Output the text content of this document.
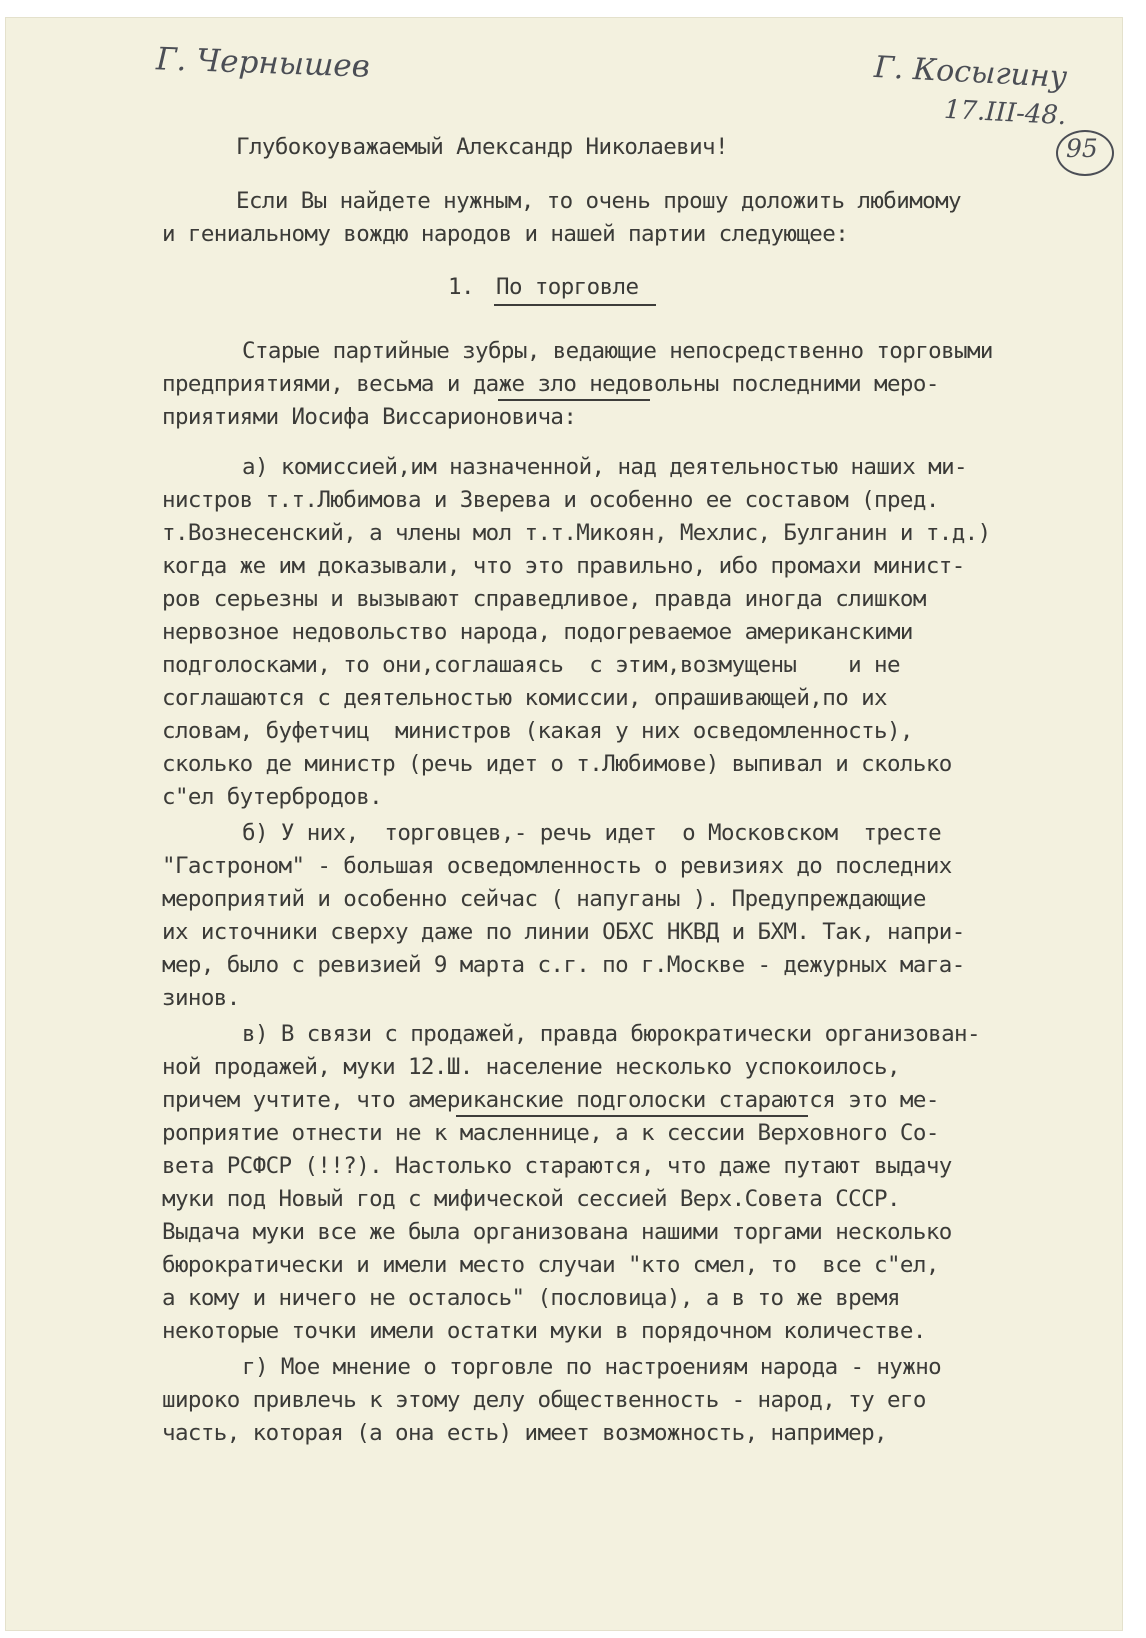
Г. Чернышев	Г. Косыгину
17.III-48.
95
Глубокоуважаемый Александр Николаевич!
Если Вы найдете нужным, то очень прошу доложить любимому
и гениальному вождю народов и нашей партии следующее:
1. По торговле
Старые партийные зубры, ведающие непосредственно торговыми
предприятиями, весьма и даже зло недовольны последними меро-
приятиями Иосифа Виссарионовича:
а) комиссией,им назначенной, над деятельностью наших ми-
нистров т.т.Любимова и Зверева и особенно ее составом (пред.
т.Вознесенский, а члены мол т.т.Микоян, Мехлис, Булганин и т.д.)
когда же им доказывали, что это правильно, ибо промахи минист-
ров серьезны и вызывают справедливое, правда иногда слишком
нервозное недовольство народа, подогреваемое американскими
подголосками, то они,соглашаясь  с этим,возмущены    и не
соглашаются с деятельностью комиссии, опрашивающей,по их
словам, буфетчиц  министров (какая у них осведомленность),
сколько де министр (речь идет о т.Любимове) выпивал и сколько
с"ел бутербродов.
б) У них,  торговцев,- речь идет  о Московском  тресте
"Гастроном" - большая осведомленность о ревизиях до последних
мероприятий и особенно сейчас ( напуганы ). Предупреждающие
их источники сверху даже по линии ОБХС НКВД и БХМ. Так, напри-
мер, было с ревизией 9 марта с.г. по г.Москве - дежурных мага-
зинов.
в) В связи с продажей, правда бюрократически организован-
ной продажей, муки 12.Ш. население несколько успокоилось,
причем учтите, что американские подголоски стараются это ме-
роприятие отнести не к масленнице, а к сессии Верховного Со-
вета РСФСР (!!?). Настолько стараются, что даже путают выдачу
муки под Новый год с мифической сессией Верх.Совета СССР.
Выдача муки все же была организована нашими торгами несколько
бюрократически и имели место случаи "кто смел, то  все с"ел,
а кому и ничего не осталось" (пословица), а в то же время
некоторые точки имели остатки муки в порядочном количестве.
г) Мое мнение о торговле по настроениям народа - нужно
широко привлечь к этому делу общественность - народ, ту его
часть, которая (а она есть) имеет возможность, например,
